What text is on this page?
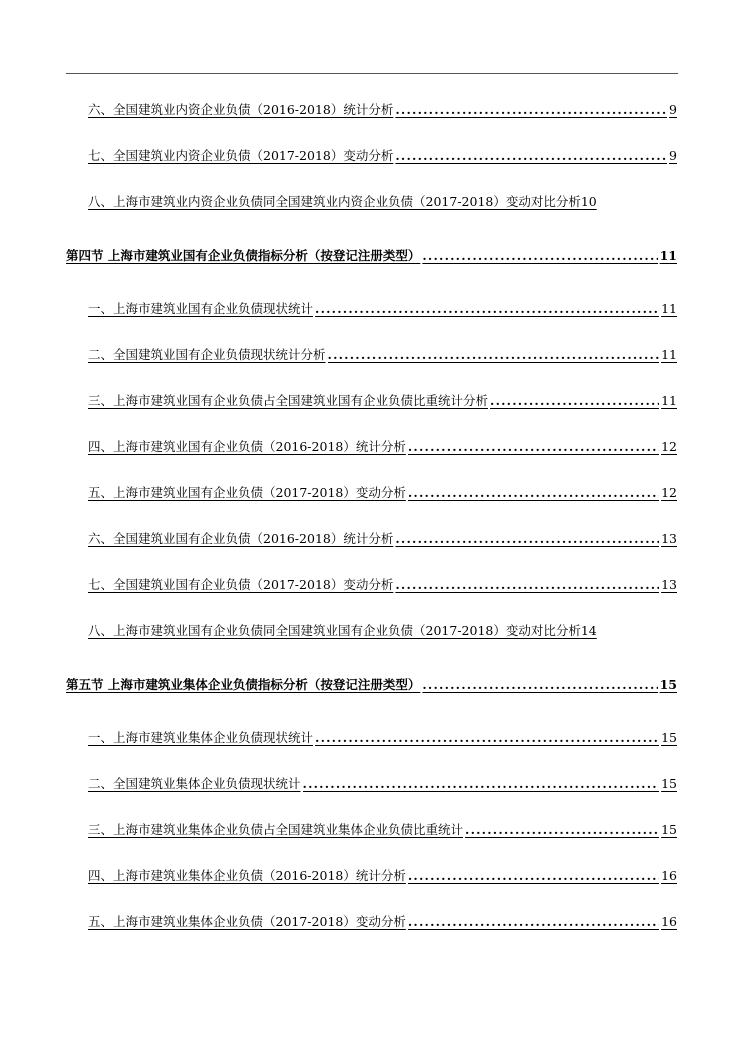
六、全国建筑业内资企业负债（2016-2018）统计分析 .....	9
七、全国建筑业内资企业负债（2017-2018）变动分析 .....	9
八、上海市建筑业内资企业负债同全国建筑业内资企业负债（2017-2018）变动对比分析 10
第四节 上海市建筑业国有企业负债指标分析（按登记注册类型） .....	11
一、上海市建筑业国有企业负债现状统计 .....	11
二、全国建筑业国有企业负债现状统计分析 .....	11
三、上海市建筑业国有企业负债占全国建筑业国有企业负债比重统计分析 .....	11
四、上海市建筑业国有企业负债（2016-2018）统计分析 .....	12
五、上海市建筑业国有企业负债（2017-2018）变动分析 .....	12
六、全国建筑业国有企业负债（2016-2018）统计分析 .....	13
七、全国建筑业国有企业负债（2017-2018）变动分析 .....	13
八、上海市建筑业国有企业负债同全国建筑业国有企业负债（2017-2018）变动对比分析 14
第五节 上海市建筑业集体企业负债指标分析（按登记注册类型） .....	15
一、上海市建筑业集体企业负债现状统计 .....	15
二、全国建筑业集体企业负债现状统计 .....	15
三、上海市建筑业集体企业负债占全国建筑业集体企业负债比重统计 .....	15
四、上海市建筑业集体企业负债（2016-2018）统计分析 .....	16
五、上海市建筑业集体企业负债（2017-2018）变动分析 .....	16
